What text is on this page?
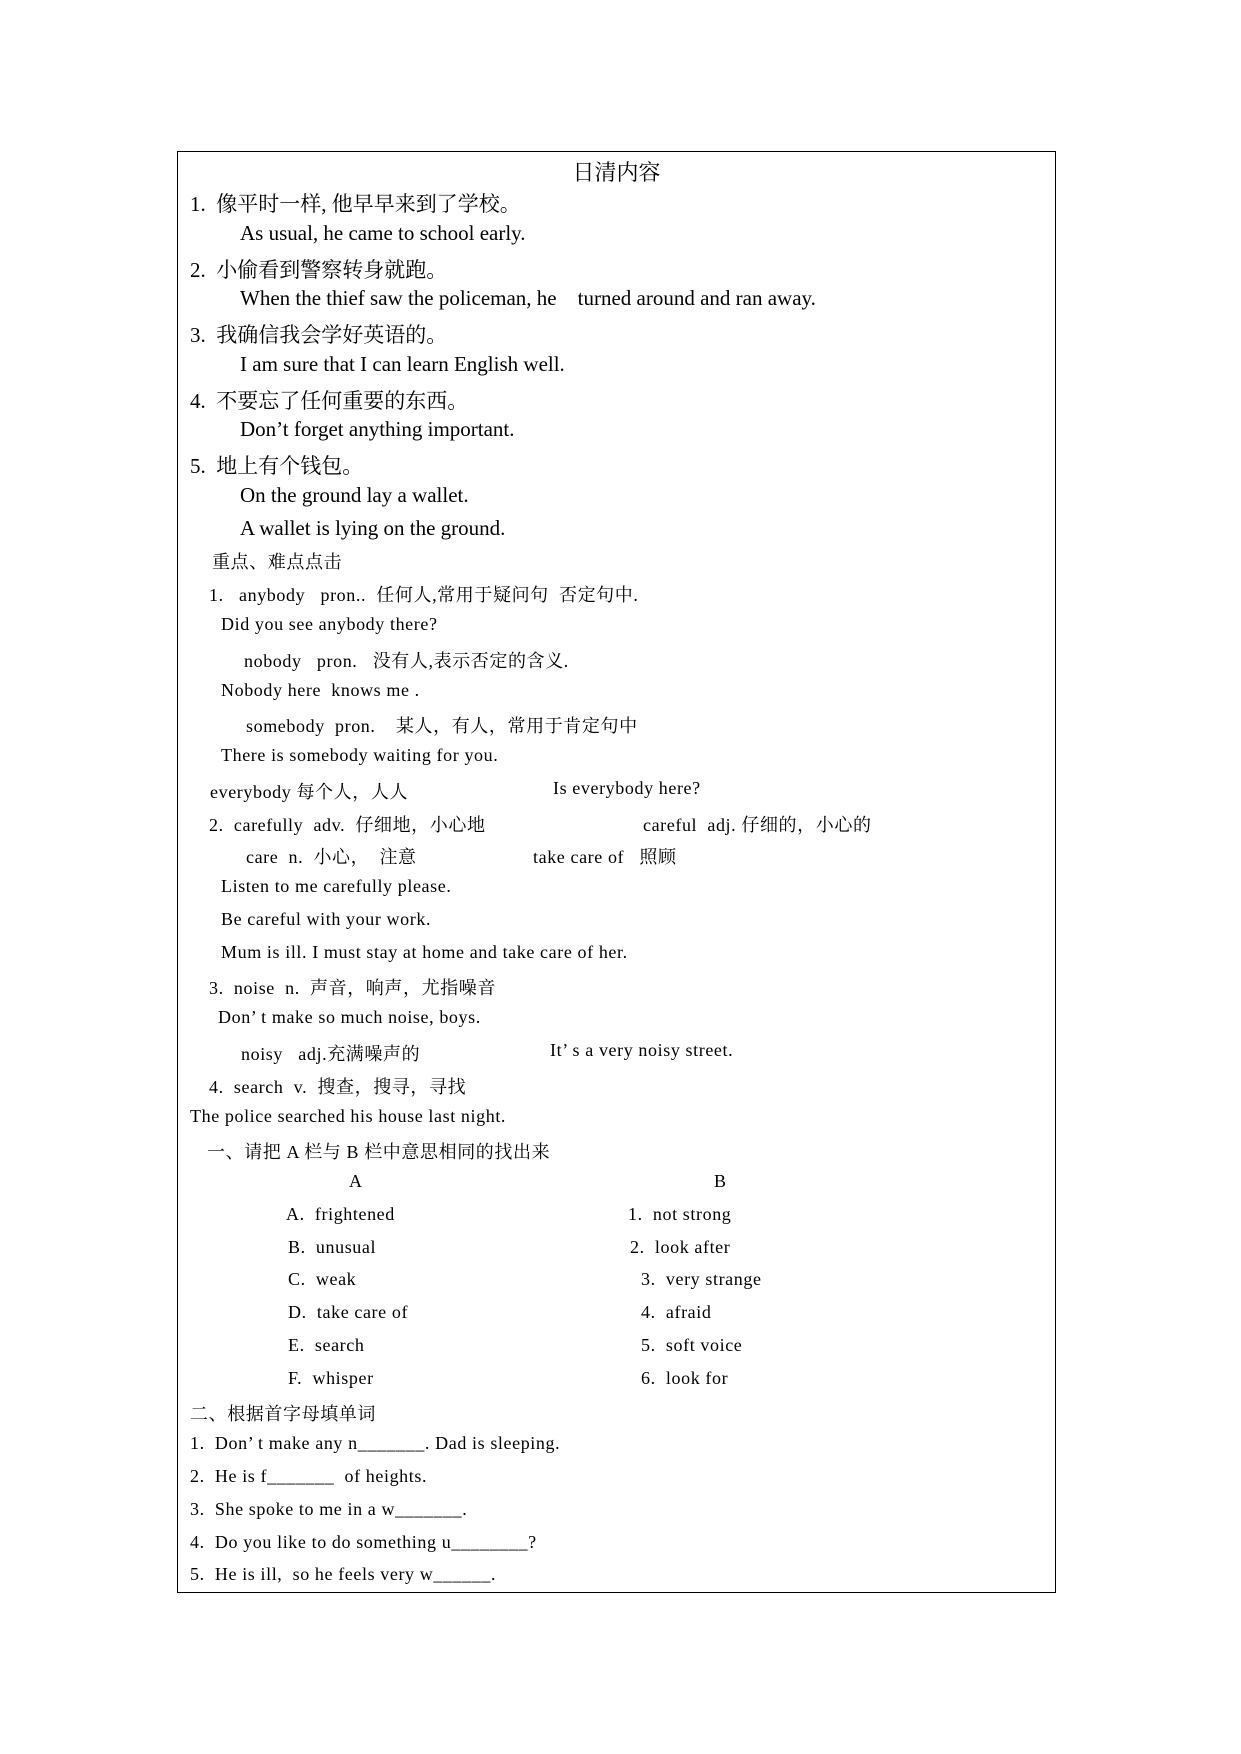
日清内容
1.  像平时一样, 他早早来到了学校。
As usual, he came to school early.
2.  小偷看到警察转身就跑。
When the thief saw the policeman, he    turned around and ran away.
3.  我确信我会学好英语的。
I am sure that I can learn English well.
4.  不要忘了任何重要的东西。
Don’t forget anything important.
5.  地上有个钱包。
On the ground lay a wallet.
A wallet is lying on the ground.
重点、难点点击
1.   anybody   pron..  任何人,常用于疑问句  否定句中.
Did you see anybody there?
nobody   pron.   没有人,表示否定的含义.
Nobody here  knows me .
somebody  pron.    某人，有人，常用于肯定句中
There is somebody waiting for you.
everybody 每个人，人人	Is everybody here?
2.  carefully  adv.  仔细地，小心地	careful  adj. 仔细的，小心的
care  n.  小心，  注意	take care of   照顾
Listen to me carefully please.
Be careful with your work.
Mum is ill. I must stay at home and take care of her.
3.  noise  n.  声音，响声，尤指噪音
Don’ t make so much noise, boys.
noisy   adj.充满噪声的	It’ s a very noisy street.
4.  search  v.  搜查，搜寻，寻找
The police searched his house last night.
一、请把 A 栏与 B 栏中意思相同的找出来
A	B
A.  frightened	1.  not strong
B.  unusual	2.  look after
C.  weak	3.  very strange
D.  take care of	4.  afraid
E.  search	5.  soft voice
F.  whisper	6.  look for
二、根据首字母填单词
1.  Don’ t make any n_______. Dad is sleeping.
2.  He is f_______  of heights.
3.  She spoke to me in a w_______.
4.  Do you like to do something u________?
5.  He is ill,  so he feels very w______.
